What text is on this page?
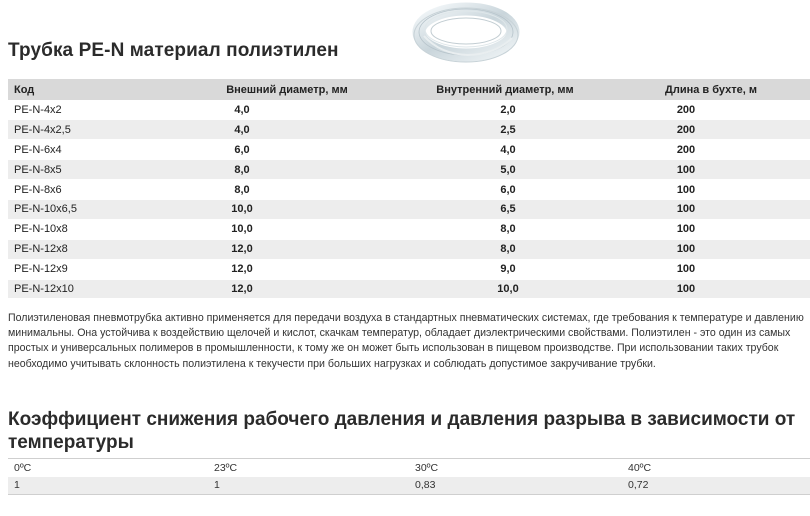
Трубка PE-N материал полиэтилен
Код	Внешний диаметр, мм	Внутренний диаметр, мм	Длина в бухте, м
PE-N-4x2	4,0	2,0	200
PE-N-4x2,5	4,0	2,5	200
PE-N-6x4	6,0	4,0	200
PE-N-8x5	8,0	5,0	100
PE-N-8x6	8,0	6,0	100
PE-N-10x6,5	10,0	6,5	100
PE-N-10x8	10,0	8,0	100
PE-N-12x8	12,0	8,0	100
PE-N-12x9	12,0	9,0	100
PE-N-12x10	12,0	10,0	100

Полиэтиленовая пневмотрубка активно применяется для передачи воздуха в стандартных пневматических системах, где требования к температуре и давлению минимальны. Она устойчива к воздействию щелочей и кислот, скачкам температур, обладает диэлектрическими свойствами. Полиэтилен - это один из самых простых и универсальных полимеров в промышленности, к тому же он может быть использован в пищевом производстве. При использовании таких трубок необходимо учитывать склонность полиэтилена к текучести при больших нагрузках и соблюдать допустимое закручивание трубки.

Коэффициент снижения рабочего давления и давления разрыва в зависимости от температуры
0ºC	23ºC	30ºC	40ºC
1	1	0,83	0,72
